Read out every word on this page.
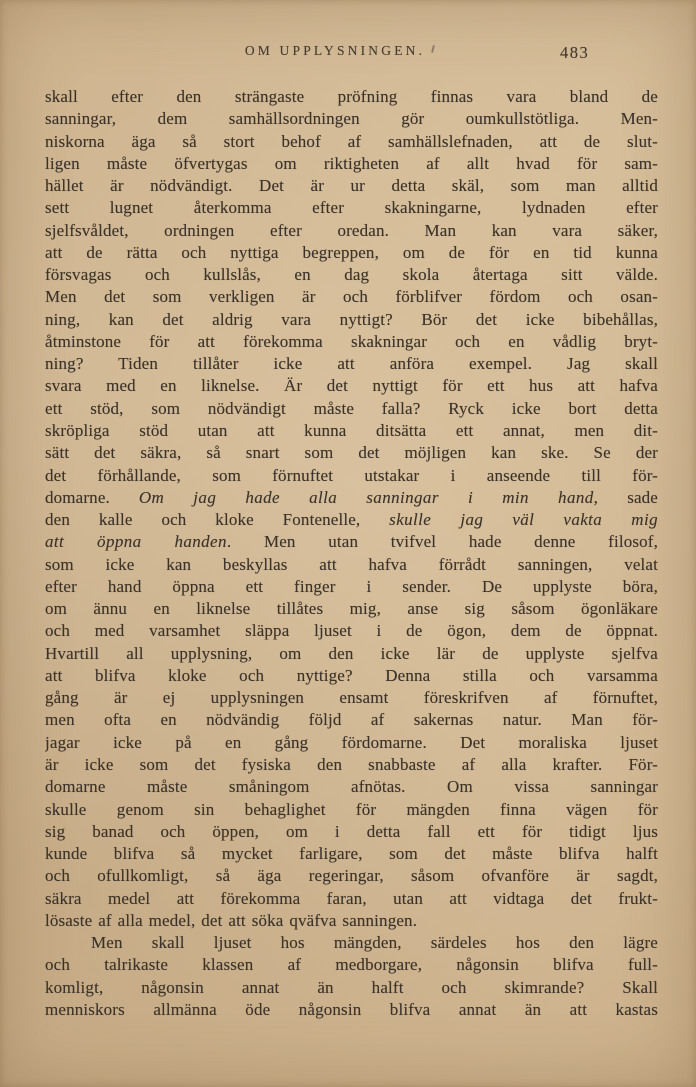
OM UPPLYSNINGEN.	483
skall efter den strängaste pröfning finnas vara bland de
sanningar, dem samhällsordningen gör oumkullstötliga. Men-
niskorna äga så stort behof af samhällslefnaden, att de slut-
ligen måste öfvertygas om riktigheten af allt hvad för sam-
hället är nödvändigt. Det är ur detta skäl, som man alltid
sett lugnet återkomma efter skakningarne, lydnaden efter
sjelfsvåldet, ordningen efter oredan. Man kan vara säker,
att de rätta och nyttiga begreppen, om de för en tid kunna
försvagas och kullslås, en dag skola återtaga sitt välde.
Men det som verkligen är och förblifver fördom och osan-
ning, kan det aldrig vara nyttigt? Bör det icke bibehållas,
åtminstone för att förekomma skakningar och en vådlig bryt-
ning? Tiden tillåter icke att anföra exempel. Jag skall
svara med en liknelse. Är det nyttigt för ett hus att hafva
ett stöd, som nödvändigt måste falla? Ryck icke bort detta
skröpliga stöd utan att kunna ditsätta ett annat, men dit-
sätt det säkra, så snart som det möjligen kan ske. Se der
det förhållande, som förnuftet utstakar i anseende till för-
domarne. Om jag hade alla sanningar i min hand, sade
den kalle och kloke Fontenelle, skulle jag väl vakta mig
att öppna handen. Men utan tvifvel hade denne filosof,
som icke kan beskyllas att hafva förrådt sanningen, velat
efter hand öppna ett finger i sender. De upplyste böra,
om ännu en liknelse tillåtes mig, anse sig såsom ögonläkare
och med varsamhet släppa ljuset i de ögon, dem de öppnat.
Hvartill all upplysning, om den icke lär de upplyste sjelfva
att blifva kloke och nyttige? Denna stilla och varsamma
gång är ej upplysningen ensamt föreskrifven af förnuftet,
men ofta en nödvändig följd af sakernas natur. Man för-
jagar icke på en gång fördomarne. Det moraliska ljuset
är icke som det fysiska den snabbaste af alla krafter. För-
domarne måste småningom afnötas. Om vissa sanningar
skulle genom sin behaglighet för mängden finna vägen för
sig banad och öppen, om i detta fall ett för tidigt ljus
kunde blifva så mycket farligare, som det måste blifva halft
och ofullkomligt, så äga regeringar, såsom ofvanföre är sagdt,
säkra medel att förekomma faran, utan att vidtaga det frukt-
lösaste af alla medel, det att söka qväfva sanningen.
Men skall ljuset hos mängden, särdeles hos den lägre
och talrikaste klassen af medborgare, någonsin blifva full-
komligt, någonsin annat än halft och skimrande? Skall
menniskors allmänna öde någonsin blifva annat än att kastas
